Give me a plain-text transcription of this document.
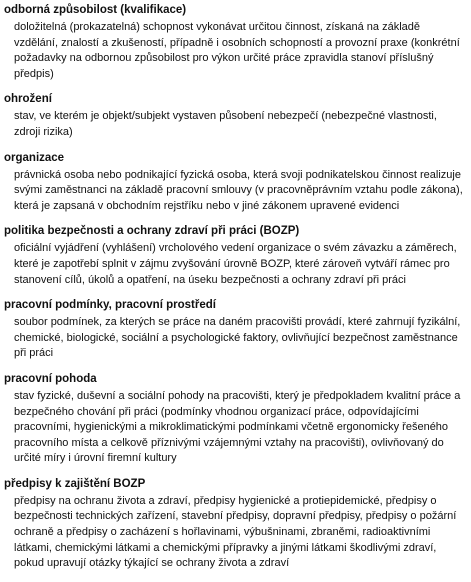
odborná způsobilost (kvalifikace)
doložitelná (prokazatelná) schopnost vykonávat určitou činnost, získaná na základě vzdělání, znalostí a zkušeností, případně i osobních schopností a provozní praxe (konkrétní požadavky na odbornou způsobilost pro výkon určité práce zpravidla stanoví příslušný předpis)
ohrožení
stav, ve kterém je objekt/subjekt vystaven působení nebezpečí (nebezpečné vlastnosti, zdroji rizika)
organizace
právnická osoba nebo podnikající fyzická osoba, která svoji podnikatelskou činnost realizuje svými zaměstnanci na základě pracovní smlouvy (v pracovněprávním vztahu podle zákona), která je zapsaná v obchodním rejstříku nebo v jiné zákonem upravené evidenci
politika bezpečnosti a ochrany zdraví při práci (BOZP)
oficiální vyjádření (vyhlášení) vrcholového vedení organizace o svém závazku a záměrech, které je zapotřebí splnit v zájmu zvyšování úrovně BOZP, které zároveň vytváří rámec pro stanovení cílů, úkolů a opatření, na úseku bezpečnosti a ochrany zdraví při práci
pracovní podmínky, pracovní prostředí
soubor podmínek, za kterých se práce na daném pracovišti provádí, které zahrnují fyzikální, chemické, biologické, sociální a psychologické faktory, ovlivňující bezpečnost zaměstnance při práci
pracovní pohoda
stav fyzické, duševní a sociální pohody na pracovišti, který je předpokladem kvalitní práce a bezpečného chování při práci (podmínky vhodnou organizací práce, odpovídajícími pracovními, hygienickými a mikroklimatickými podmínkami včetně ergonomicky řešeného pracovního místa a celkově příznivými vzájemnými vztahy na pracovišti), ovlivňovaný do určité míry i úrovní firemní kultury
předpisy k zajištění BOZP
předpisy na ochranu života a zdraví, předpisy hygienické a protiepidemické, předpisy o bezpečnosti technických zařízení, stavební předpisy, dopravní předpisy, předpisy o požární ochraně a předpisy o zacházení s hořlavinami, výbušninami, zbraněmi, radioaktivními látkami, chemickými látkami a chemickými přípravky a jinými látkami škodlivými zdraví, pokud upravují otázky týkající se ochrany života a zdraví
